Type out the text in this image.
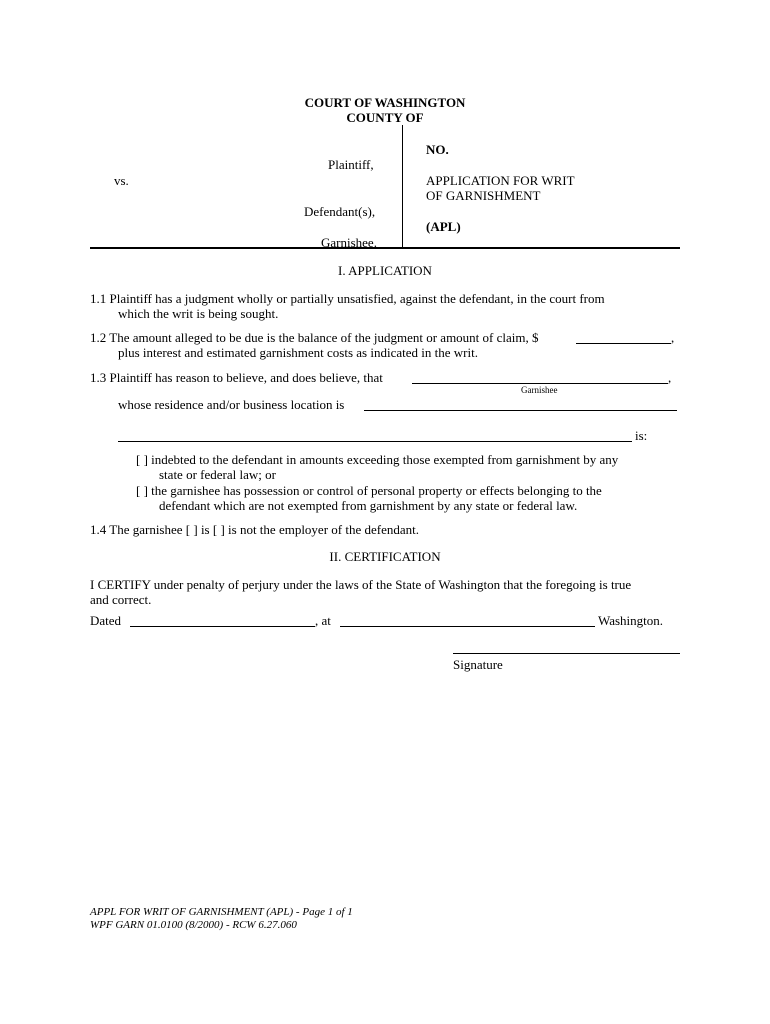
COURT OF WASHINGTON
COUNTY OF
Plaintiff,
vs.
Defendant(s),
Garnishee.
NO.
APPLICATION FOR WRIT
OF GARNISHMENT
(APL)
I. APPLICATION
1.1 Plaintiff has a judgment wholly or partially unsatisfied, against the defendant, in the court from
which the writ is being sought.
1.2 The amount alleged to be due is the balance of the judgment or amount of claim, $	,
plus interest and estimated garnishment costs as indicated in the writ.
1.3 Plaintiff has reason to believe, and does believe, that	,
Garnishee
whose residence and/or business location is
is:
[ ] indebted to the defendant in amounts exceeding those exempted from garnishment by any
state or federal law; or
[ ] the garnishee has possession or control of personal property or effects belonging to the
defendant which are not exempted from garnishment by any state or federal law.
1.4 The garnishee [ ] is [ ] is not the employer of the defendant.
II. CERTIFICATION
I CERTIFY under penalty of perjury under the laws of the State of Washington that the foregoing is true
and correct.
Dated	, at	Washington.
Signature
APPL FOR WRIT OF GARNISHMENT (APL) - Page 1 of 1
WPF GARN 01.0100 (8/2000) - RCW 6.27.060
